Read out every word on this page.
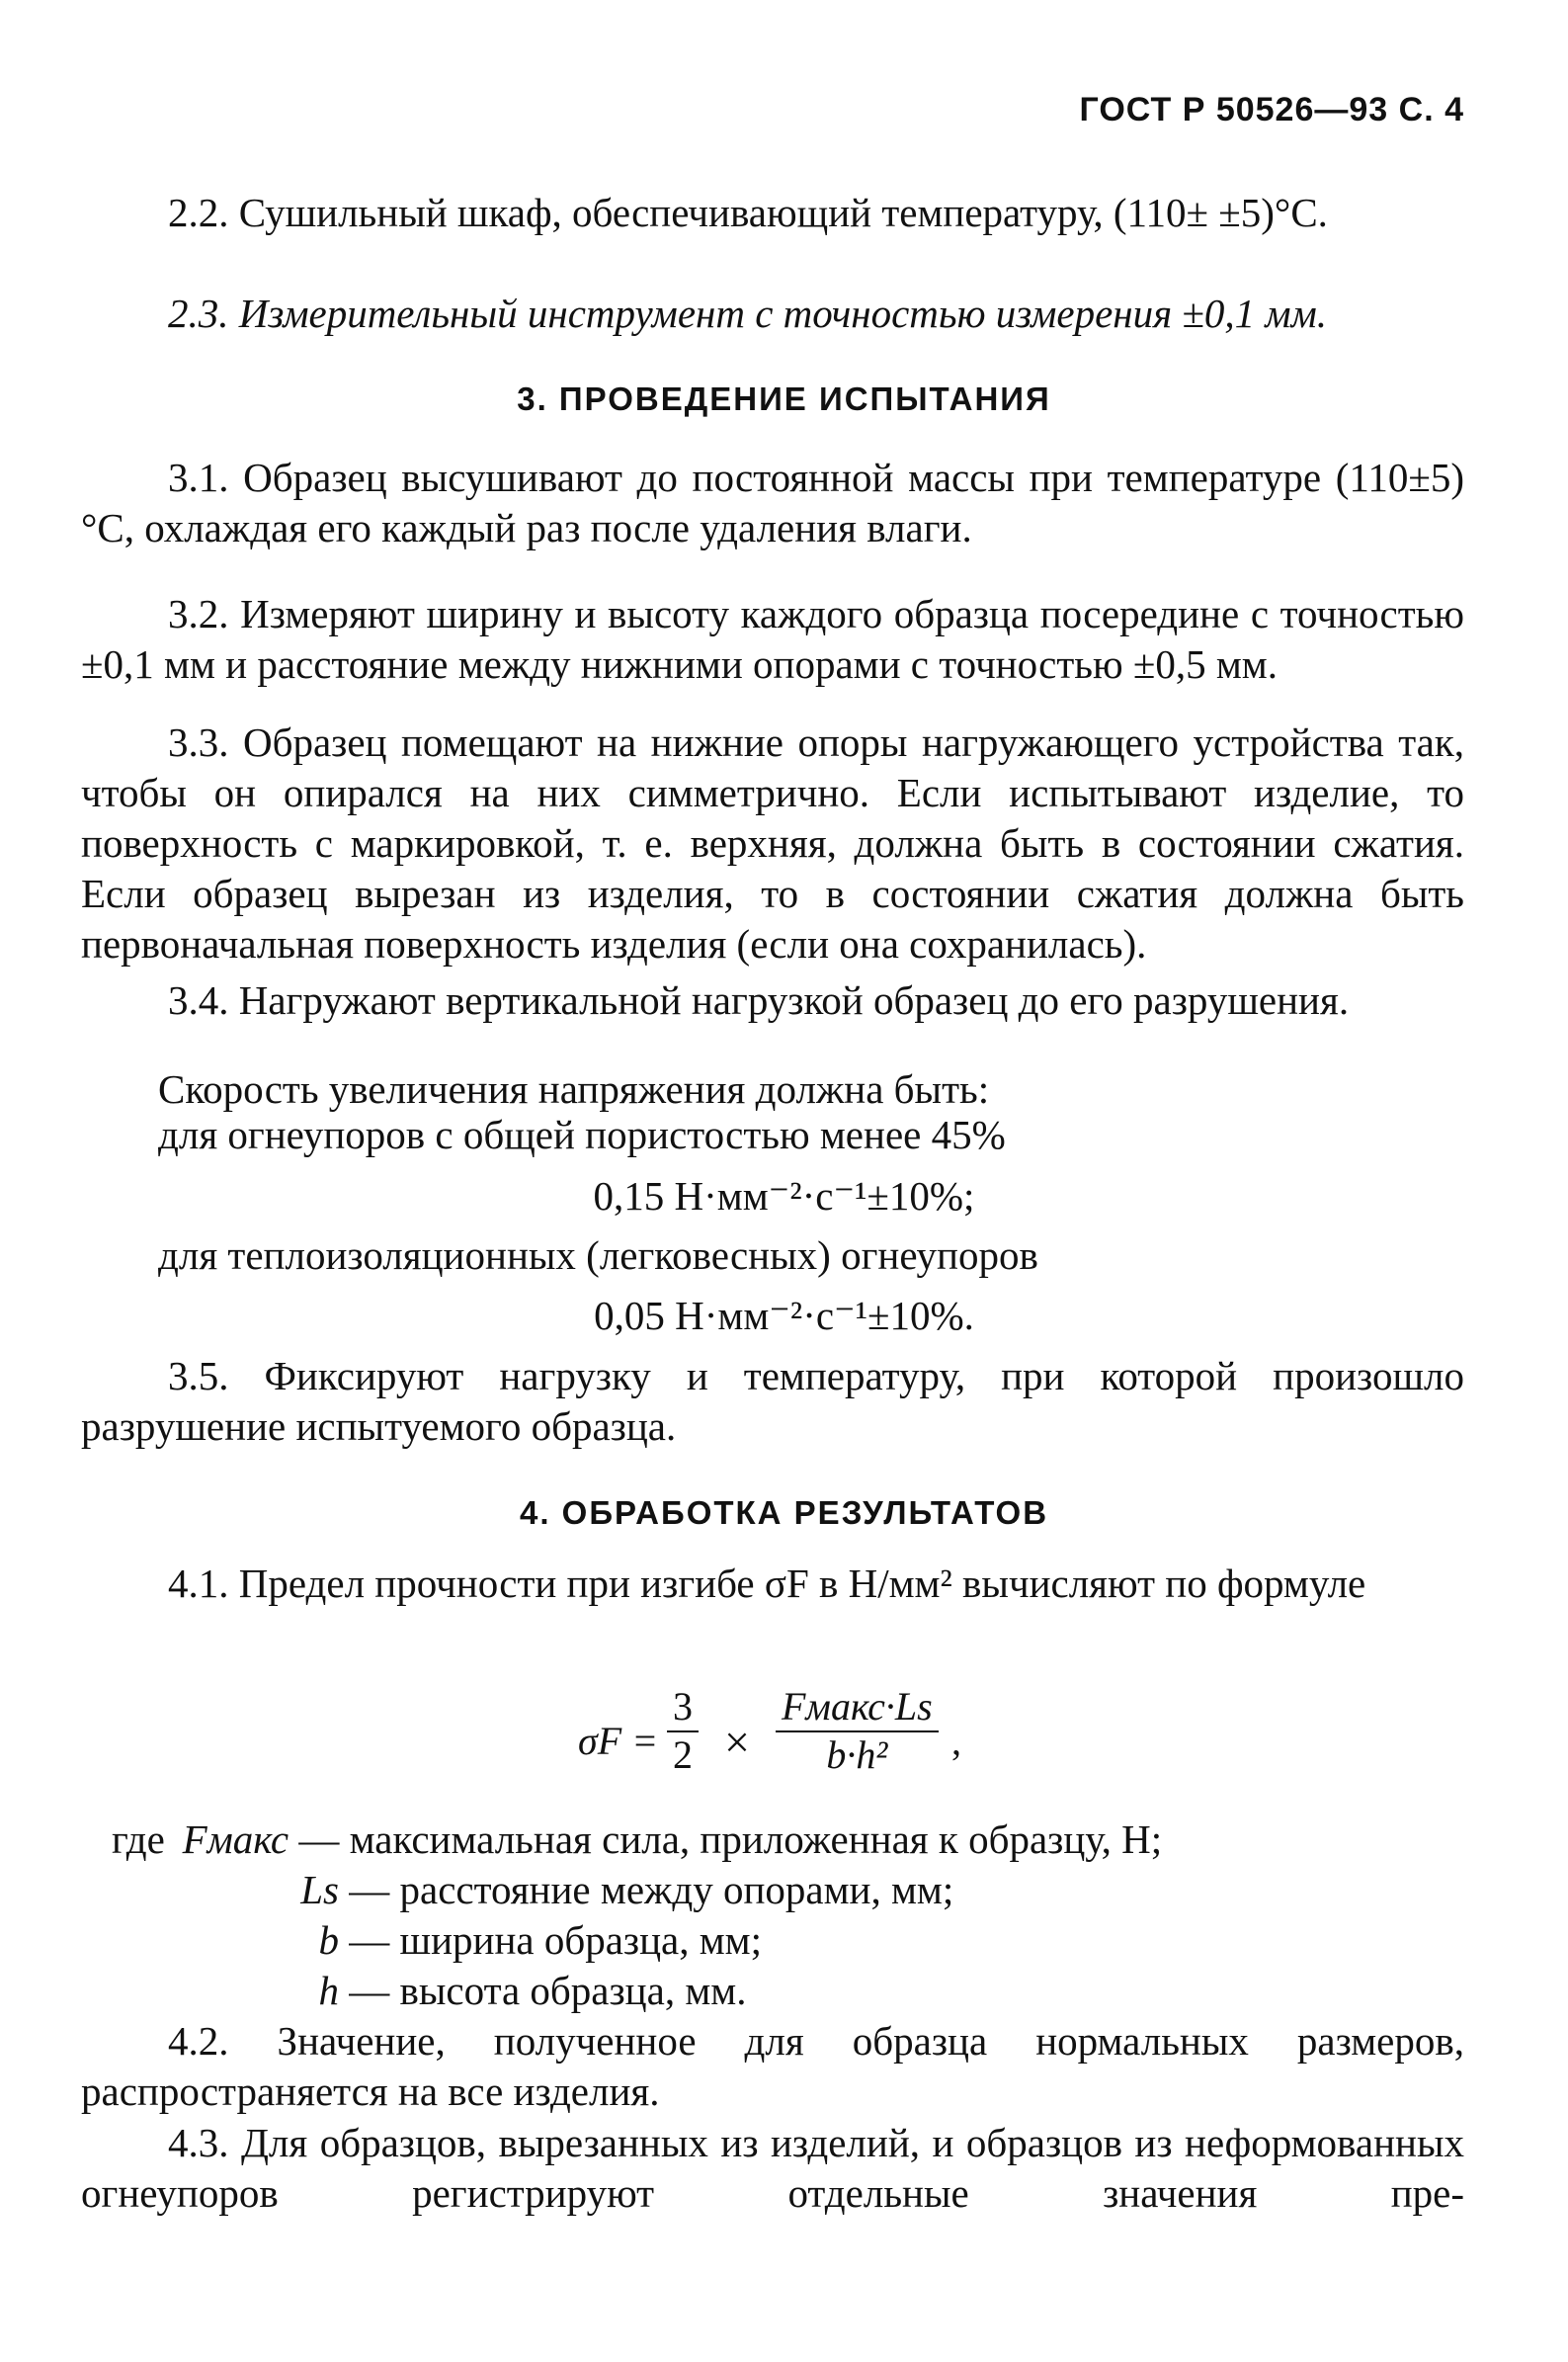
ГОСТ Р 50526—93 С. 4

2.2. Сушильный шкаф, обеспечивающий температуру, (110± ±5)°С.

2.3. Измерительный инструмент с точностью измерения ±0,1 мм.

3. ПРОВЕДЕНИЕ ИСПЫТАНИЯ

3.1. Образец высушивают до постоянной массы при температуре (110±5)°С, охлаждая его каждый раз после удаления влаги.

3.2. Измеряют ширину и высоту каждого образца посередине с точностью ±0,1 мм и расстояние между нижними опорами с точностью ±0,5 мм.

3.3. Образец помещают на нижние опоры нагружающего устройства так, чтобы он опирался на них симметрично. Если испытывают изделие, то поверхность с маркировкой, т. е. верхняя, должна быть в состоянии сжатия. Если образец вырезан из изделия, то в состоянии сжатия должна быть первоначальная поверхность изделия (если она сохранилась).

3.4. Нагружают вертикальной нагрузкой образец до его разрушения.

Скорость увеличения напряжения должна быть:
для огнеупоров с общей пористостью менее 45%
0,15 Н·мм⁻²·с⁻¹±10%;
для теплоизоляционных (легковесных) огнеупоров
0,05 Н·мм⁻²·с⁻¹±10%.

3.5. Фиксируют нагрузку и температуру, при которой произошло разрушение испытуемого образца.

4. ОБРАБОТКА РЕЗУЛЬТАТОВ

4.1. Предел прочности при изгибе σF в Н/мм² вычисляют по формуле

$\sigma F = \frac{3}{2}$ ×
Fмакс·Ls
b·h²	,
где Fмакс — максимальная сила, приложенная к образцу, Н;
Ls — расстояние между опорами, мм;
b — ширина образца, мм;
h — высота образца, мм.

4.2. Значение, полученное для образца нормальных размеров, распространяется на все изделия.

4.3. Для образцов, вырезанных из изделий, и образцов из неформованных огнеупоров регистрируют отдельные значения пре-
